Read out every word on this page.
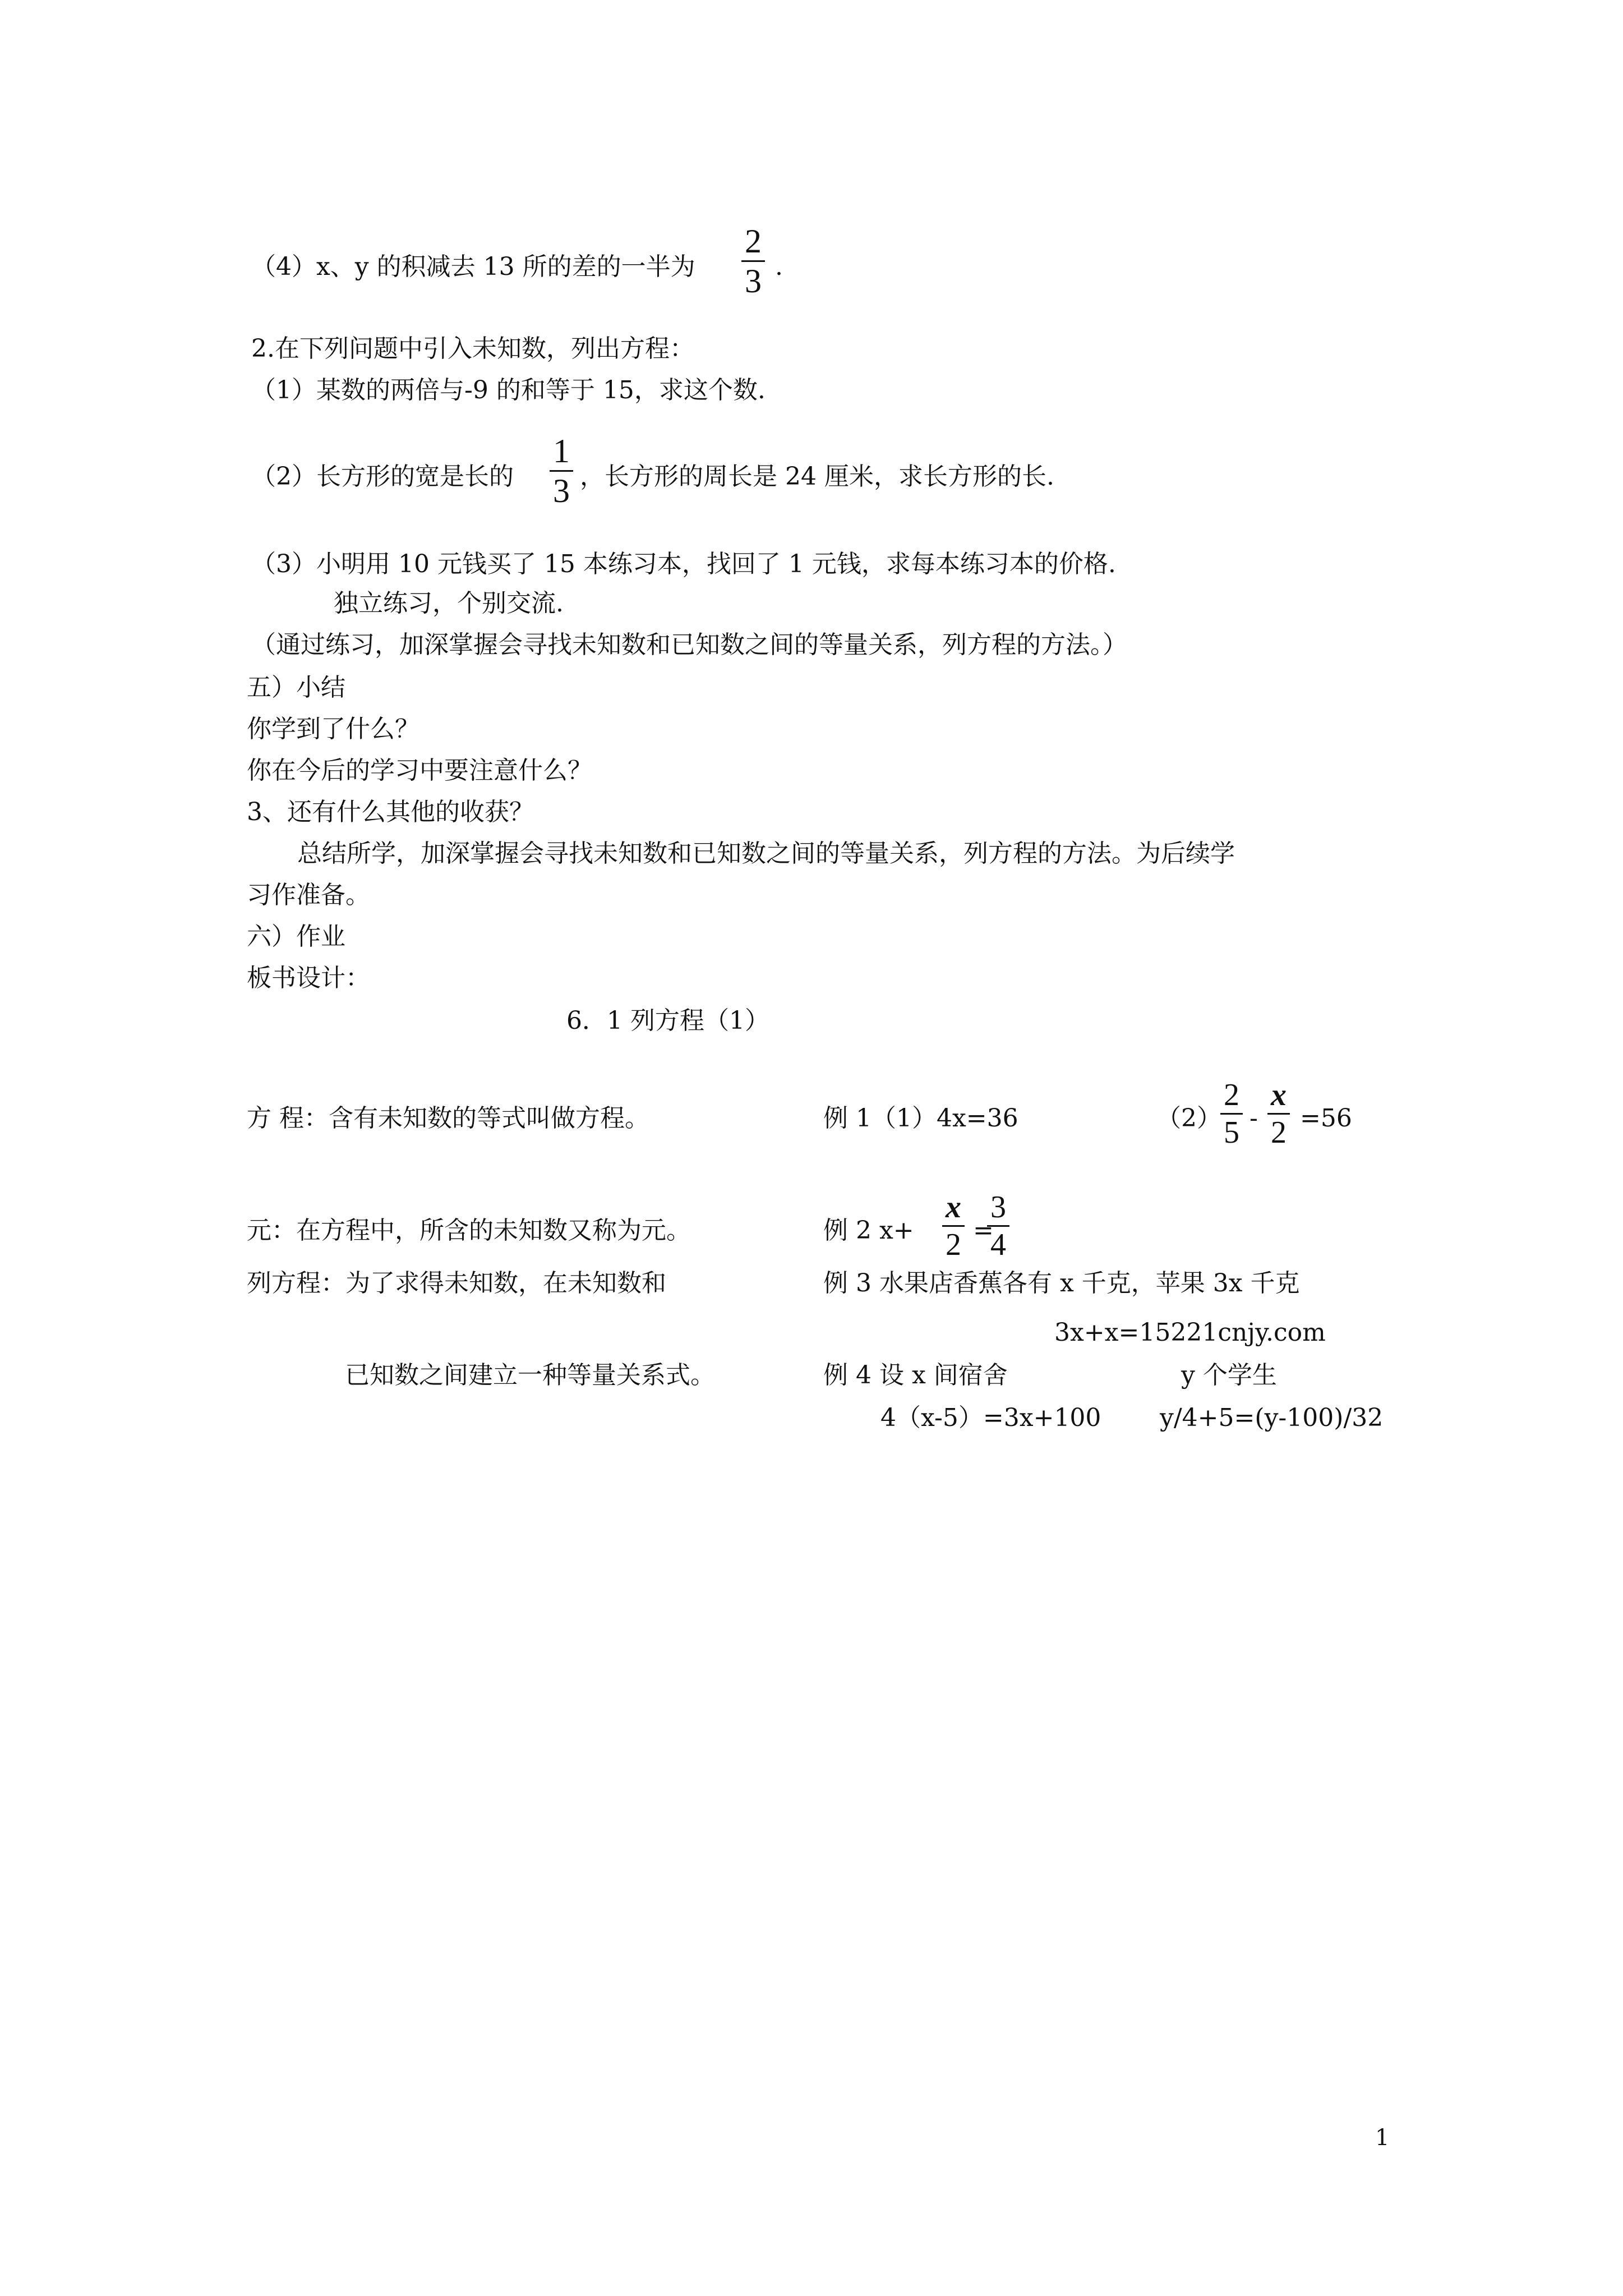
（4）x、y 的积减去 13 所的差的一半为 $\frac{2}{3}$ .
2.在下列问题中引入未知数，列出方程：
（1）某数的两倍与-9 的和等于 15，求这个数.
（2）长方形的宽是长的 $\frac{1}{3}$ ，长方形的周长是 24 厘米，求长方形的长.
（3）小明用 10 元钱买了 15 本练习本，找回了 1 元钱，求每本练习本的价格.
独立练习，个别交流.
（通过练习，加深掌握会寻找未知数和已知数之间的等量关系，列方程的方法。）
五）小结
你学到了什么？
你在今后的学习中要注意什么？
3、还有什么其他的收获？
总结所学，加深掌握会寻找未知数和已知数之间的等量关系，列方程的方法。为后续学
习作准备。
六）作业
板书设计：
6．1 列方程（1）
方 程：含有未知数的等式叫做方程。
元：在方程中，所含的未知数又称为元。
列方程：为了求得未知数，在未知数和
已知数之间建立一种等量关系式。
例 1（1）4x=36	（2）
$\frac{2}{5} - \frac{x}{2} =56$
例 2 $x+ \frac{x}{2}$ =
$\frac{3}{4}$
例 3 水果店香蕉各有 x 千克，苹果 3x 千克
3x+x=15221cnjy.com
例 4 设 x 间宿舍	y 个学生
4（x-5）=3x+100 y/4+5=(y-100)/32
1
